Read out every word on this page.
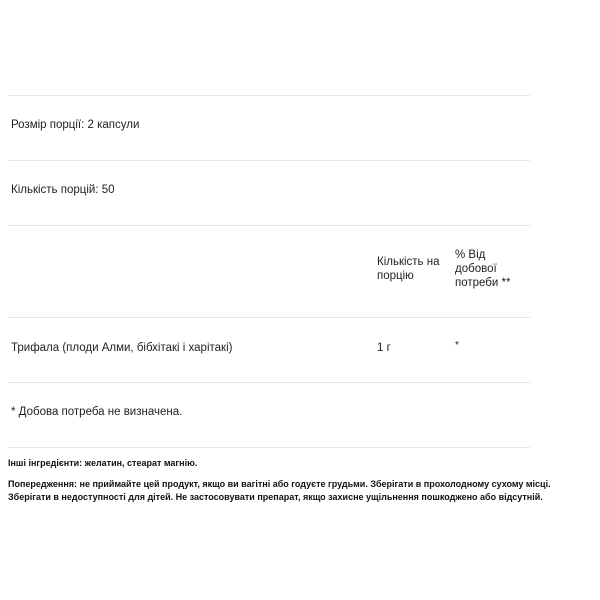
Розмір порції: 2 капсули
Кількість порцій: 50
Кількість на порцію
% Від добової потреби **
Трифала (плоди Алми, бібхітакі і харітакі)	1 г	*
* Добова потреба не визначена.
Інші інгредієнти: желатин, стеарат магнію.
Попередження: не приймайте цей продукт, якщо ви вагітні або годуєте грудьми. Зберігати в прохолодному сухому місці. Зберігати в недоступності для дітей. Не застосовувати препарат, якщо захисне ущільнення пошкоджено або відсутній.
